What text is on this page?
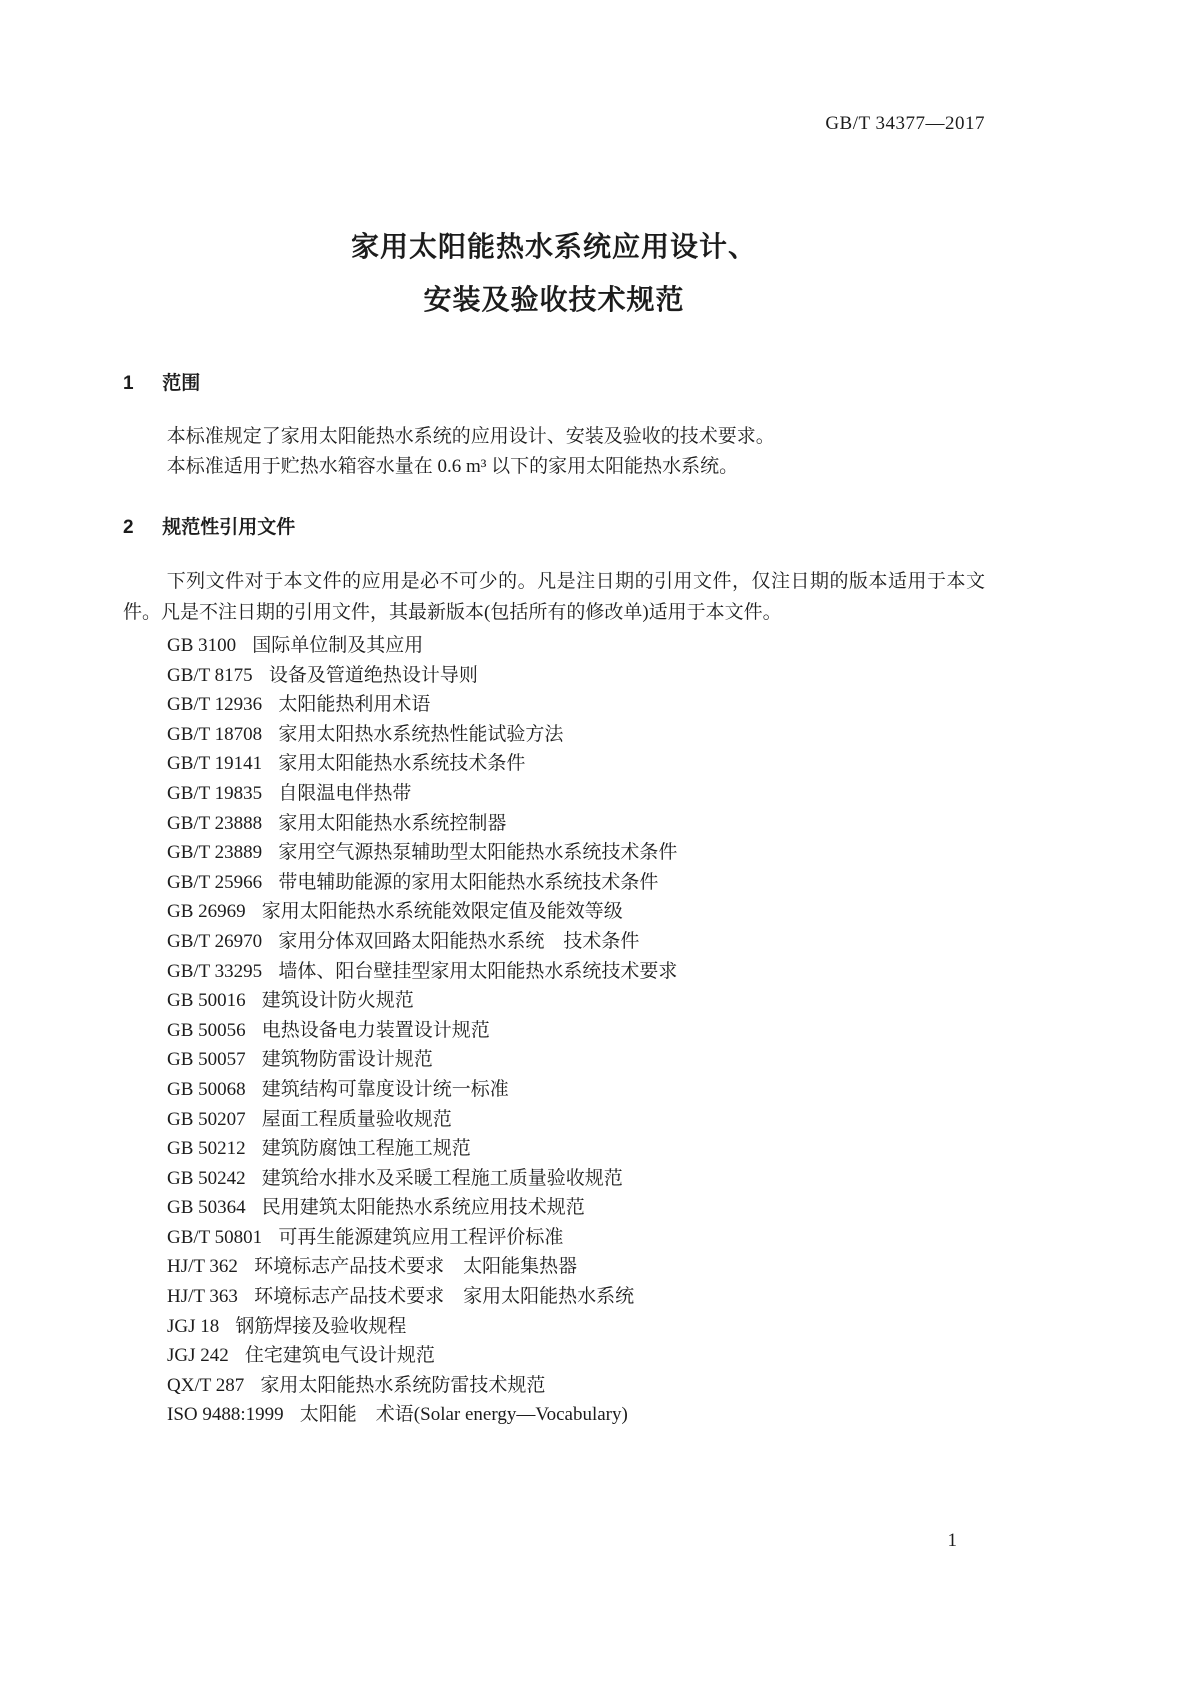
GB/T 34377—2017
家用太阳能热水系统应用设计、
安装及验收技术规范
1 范围

本标准规定了家用太阳能热水系统的应用设计、安装及验收的技术要求。

本标准适用于贮热水箱容水量在 0.6 m³ 以下的家用太阳能热水系统。

2 规范性引用文件

下列文件对于本文件的应用是必不可少的。凡是注日期的引用文件，仅注日期的版本适用于本文件。凡是不注日期的引用文件，其最新版本(包括所有的修改单)适用于本文件。

GB 3100 国际单位制及其应用
GB/T 8175 设备及管道绝热设计导则
GB/T 12936 太阳能热利用术语
GB/T 18708 家用太阳热水系统热性能试验方法
GB/T 19141 家用太阳能热水系统技术条件
GB/T 19835 自限温电伴热带
GB/T 23888 家用太阳能热水系统控制器
GB/T 23889 家用空气源热泵辅助型太阳能热水系统技术条件
GB/T 25966 带电辅助能源的家用太阳能热水系统技术条件
GB 26969 家用太阳能热水系统能效限定值及能效等级
GB/T 26970 家用分体双回路太阳能热水系统　技术条件
GB/T 33295 墙体、阳台壁挂型家用太阳能热水系统技术要求
GB 50016 建筑设计防火规范
GB 50056 电热设备电力装置设计规范
GB 50057 建筑物防雷设计规范
GB 50068 建筑结构可靠度设计统一标准
GB 50207 屋面工程质量验收规范
GB 50212 建筑防腐蚀工程施工规范
GB 50242 建筑给水排水及采暖工程施工质量验收规范
GB 50364 民用建筑太阳能热水系统应用技术规范
GB/T 50801 可再生能源建筑应用工程评价标准
HJ/T 362 环境标志产品技术要求　太阳能集热器
HJ/T 363 环境标志产品技术要求　家用太阳能热水系统
JGJ 18 钢筋焊接及验收规程
JGJ 242 住宅建筑电气设计规范
QX/T 287 家用太阳能热水系统防雷技术规范
ISO 9488:1999 太阳能　术语(Solar energy—Vocabulary)
1
